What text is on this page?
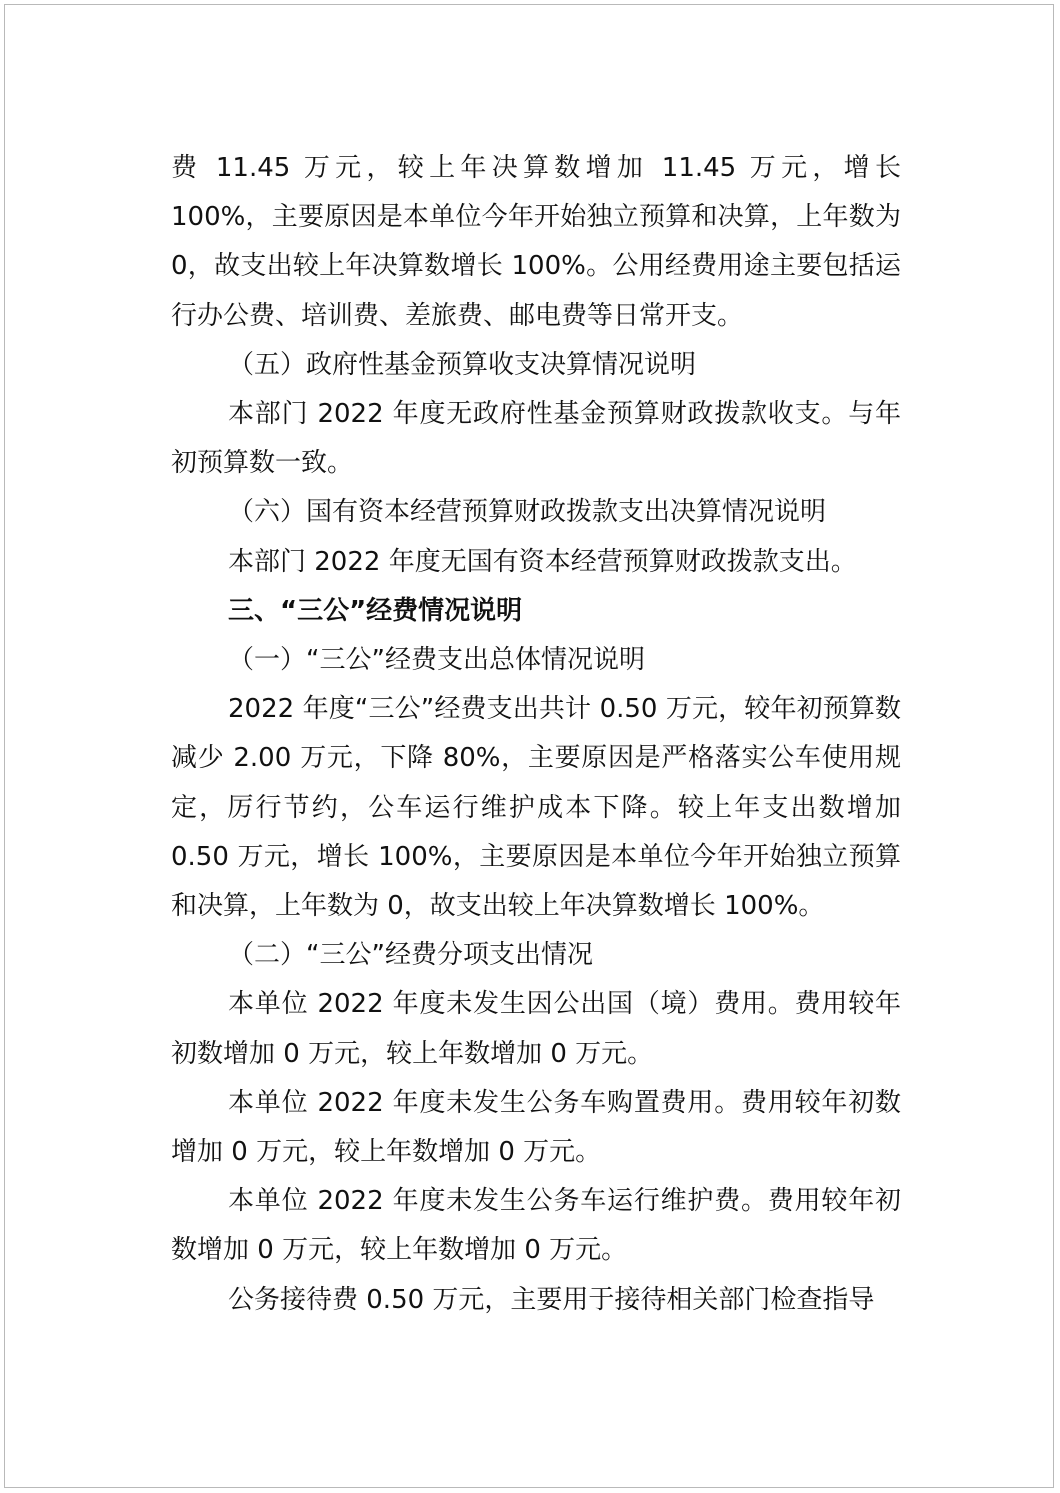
费 11.45 万元，较上年决算数增加 11.45 万元，增长 100%，主要原因是本单位今年开始独立预算和决算，上年数为 0，故支出较上年决算数增长 100%。公用经费用途主要包括运行办公费、培训费、差旅费、邮电费等日常开支。

（五）政府性基金预算收支决算情况说明

本部门 2022 年度无政府性基金预算财政拨款收支。与年初预算数一致。

（六）国有资本经营预算财政拨款支出决算情况说明

本部门 2022 年度无国有资本经营预算财政拨款支出。

三、“三公”经费情况说明

（一）“三公”经费支出总体情况说明

2022 年度“三公”经费支出共计 0.50 万元，较年初预算数减少 2.00 万元，下降 80%，主要原因是严格落实公车使用规定，厉行节约，公车运行维护成本下降。较上年支出数增加 0.50 万元，增长 100%，主要原因是本单位今年开始独立预算和决算，上年数为 0，故支出较上年决算数增长 100%。

（二）“三公”经费分项支出情况

本单位 2022 年度未发生因公出国（境）费用。费用较年初数增加 0 万元，较上年数增加 0 万元。

本单位 2022 年度未发生公务车购置费用。费用较年初数增加 0 万元，较上年数增加 0 万元。

本单位 2022 年度未发生公务车运行维护费。费用较年初数增加 0 万元，较上年数增加 0 万元。

公务接待费 0.50 万元，主要用于接待相关部门检查指导
